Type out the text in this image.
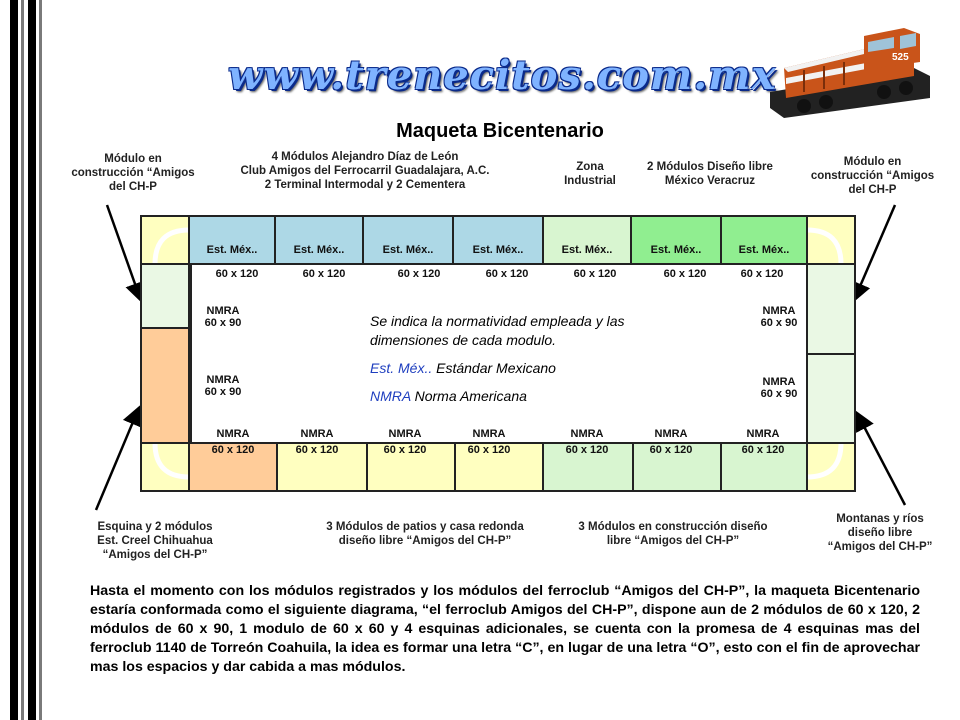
www.trenecitos.com.mx	525
Maqueta Bicentenario
Módulo en
construcción “Amigos
del CH-P
4 Módulos Alejandro Díaz de León
Club Amigos del Ferrocarril Guadalajara, A.C.
2 Terminal Intermodal y 2 Cementera
Zona
Industrial
2 Módulos Diseño libre
México Veracruz
Módulo en
construcción “Amigos
del CH-P
Est. Méx..	Est. Méx..	Est. Méx..	Est. Méx..	Est. Méx..	Est. Méx..	Est. Méx..
60 x 120	60 x 120	60 x 120	60 x 120	60 x 120	60 x 120	60 x 120
NMRA
60 x 90
NMRA
60 x 90
NMRA
60 x 90
NMRA
60 x 90
Se indica la normatividad empleada y las dimensiones de cada modulo.
Est. Méx.. Estándar Mexicano
NMRA Norma Americana
NMRA	NMRA	NMRA	NMRA	NMRA	NMRA	NMRA
60 x 120	60 x 120	60 x 120	60 x 120	60 x 120	60 x 120	60 x 120
Esquina y 2 módulos
Est. Creel Chihuahua
“Amigos del CH-P”
3 Módulos de patios y casa redonda
diseño libre “Amigos del CH-P”
3 Módulos en construcción diseño
libre “Amigos del CH-P”
Montanas y ríos
diseño libre
“Amigos del CH-P”
Hasta el momento con los módulos registrados y los módulos del ferroclub “Amigos del CH-P”, la maqueta Bicentenario estaría conformada como el siguiente diagrama, “el ferroclub Amigos del CH-P”, dispone aun de 2 módulos de 60 x 120, 2 módulos de 60 x 90, 1 modulo de 60 x 60 y 4 esquinas adicionales, se cuenta con la promesa de 4 esquinas mas del ferroclub 1140 de Torreón Coahuila, la idea es formar una letra “C”, en lugar de una letra “O”, esto con el fin de aprovechar mas los espacios y dar cabida a mas módulos.
